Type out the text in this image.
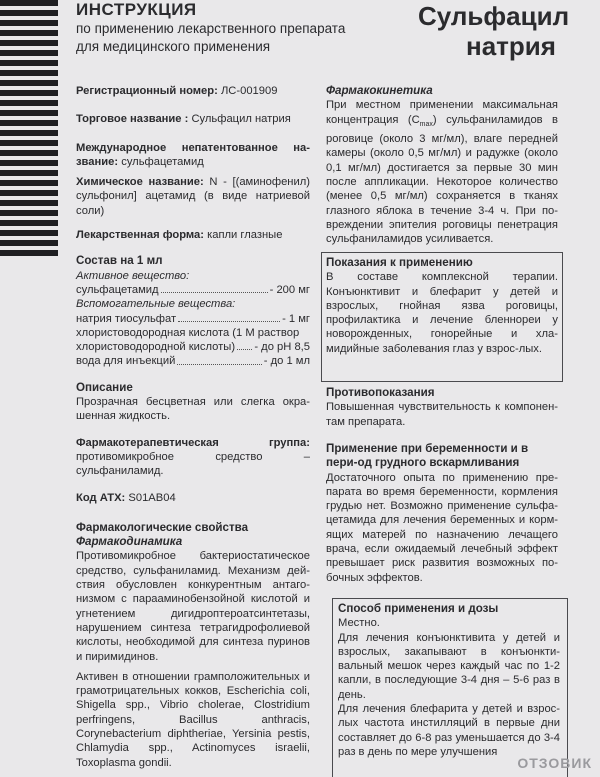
ИНСТРУКЦИЯ
по применению лекарственного препарата
для медицинского применения
Сульфацил
натрия

Регистрационный номер: ЛС-001909

Торговое название : Сульфацил натрия

Международное непатентованное на-звание: сульфацетамид

Химическое название: N - [(аминофенил) сульфонил] ацетамид (в виде натриевой соли)

Лекарственная форма: капли глазные

Состав на 1 мл

Активное вещество:

сульфацетамид	- 200 мг

Вспомогательные вещества:

натрия тиосульфат	- 1 мг

хлористоводородная кислота (1 М раствор

хлористоводородной кислоты) - до рН 8,5
вода для инъекций	- до 1 мл

Описание

Прозрачная бесцветная или слегка окра-шенная жидкость.

Фармакотерапевтическая группа: противомикробное средство – сульфаниламид.

Код АТХ: S01AB04

Фармакологические свойства

Фармакодинамика

Противомикробное бактериостатическое средство, сульфаниламид. Механизм дей-ствия обусловлен конкурентным антаго-низмом с парааминобензойной кислотой и угнетением дигидроптероатсинтетазы, нарушением синтеза тетрагидрофолиевой кислоты, необходимой для синтеза пуринов и пиримидинов.

Активен в отношении грамположительных и грамотрицательных кокков, Escherichia coli, Shigella spp., Vibrio cholerae, Clostridium perfringens, Bacillus anthracis, Corynebacterium diphtheriae, Yersinia pestis, Chlamydia spp., Actinomyces israelii, Toxoplasma gondii.

Фармакокинетика

При местном применении максимальная концентрация $(C_{max})$ сульфаниламидов в роговице (около 3 мг/мл), влаге передней камеры (около 0,5 мг/мл) и радужке (около 0,1 мг/мл) достигается за первые 30 мин после аппликации. Некоторое количество (менее 0,5 мг/мл) сохраняется в тканях глазного яблока в течение 3-4 ч. При по-вреждении эпителия роговицы пенетрация сульфаниламидов усиливается.

Показания к применению

В составе комплексной терапии. Конъюнктивит и блефарит у детей и взрослых, гнойная язва роговицы, профилактика и лечение бленнореи у новорожденных, гонорейные и хла-мидийные заболевания глаз у взрос-лых.

Противопоказания

Повышенная чувствительность к компонен-там препарата.

Применение при беременности и в пери-од грудного вскармливания

Достаточного опыта по применению пре-парата во время беременности, кормления грудью нет. Возможно применение сульфа-цетамида для лечения беременных и корм-ящих матерей по назначению лечащего врача, если ожидаемый лечебный эффект превышает риск развития возможных по-бочных эффектов.

Способ применения и дозы

Местно.

Для лечения конъюнктивита у детей и взрослых, закапывают в конъюнкти-вальный мешок через каждый час по 1-2 капли, в последующие 3-4 дня – 5-6 раз в день.

Для лечения блефарита у детей и взрос-лых частота инстилляций в первые дни составляет до 6-8 раз уменьшается до 3-4 раз в день по мере улучшения

ОТЗОВИК
